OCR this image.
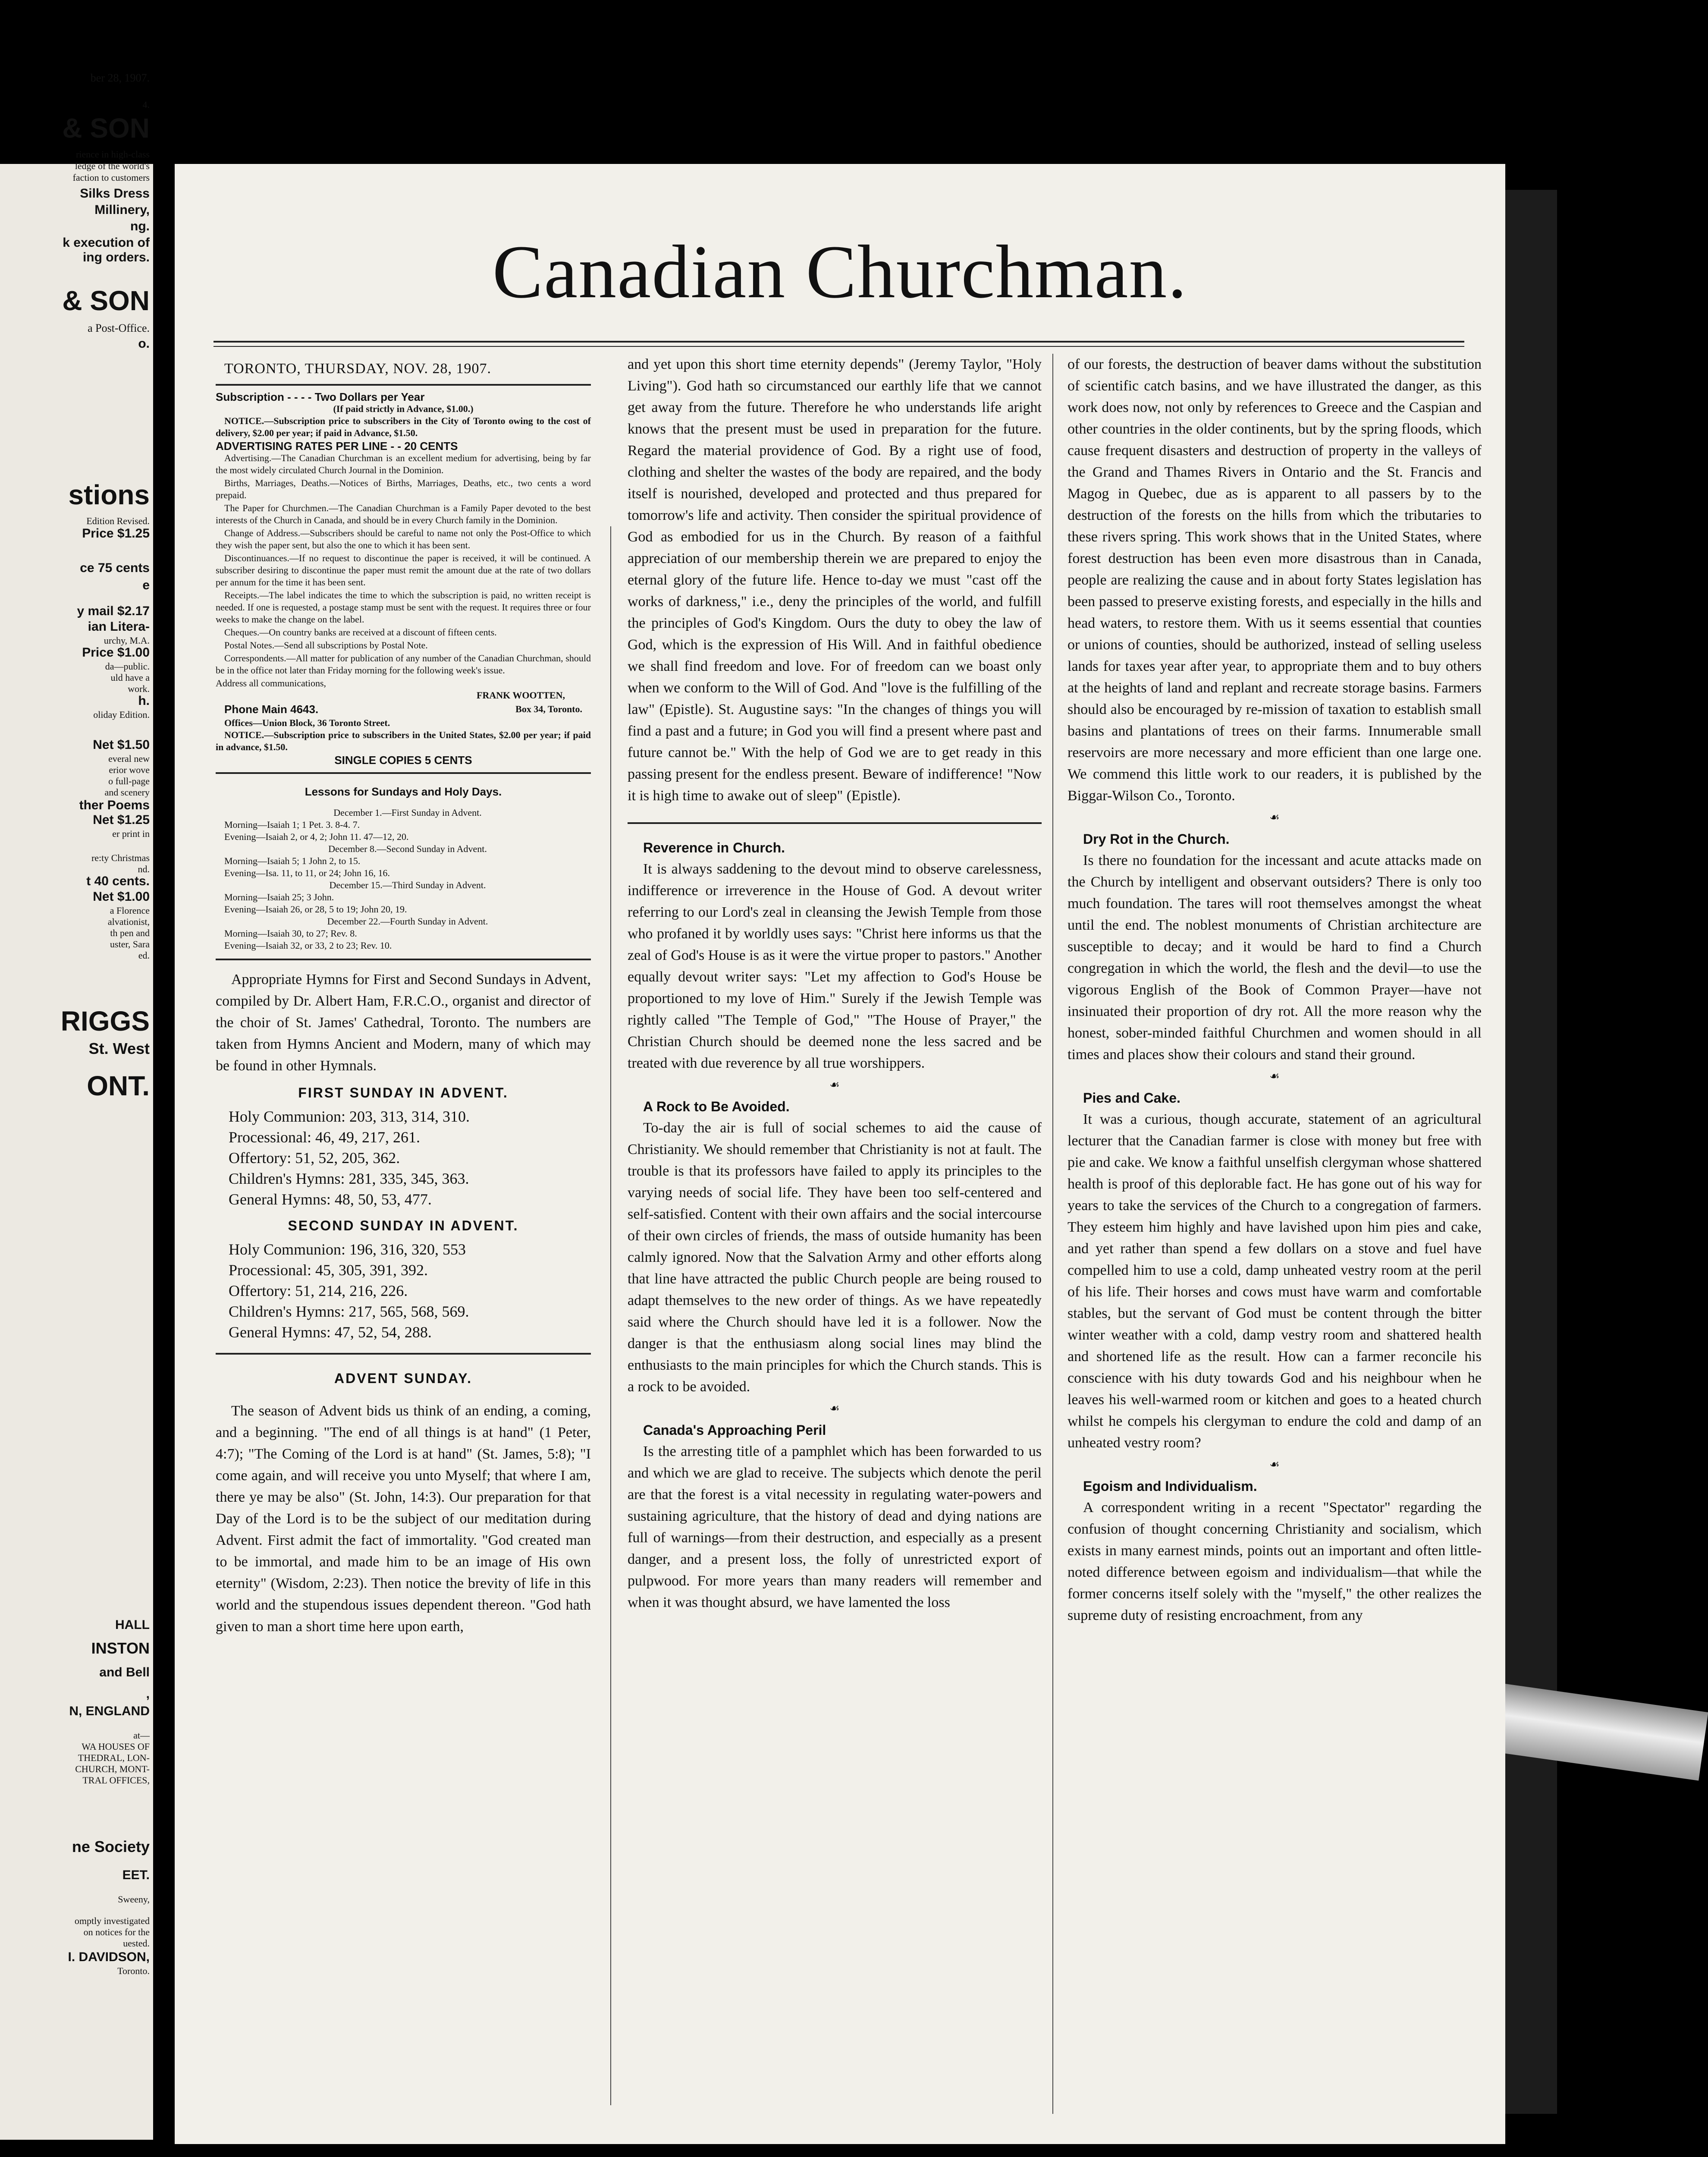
ber 28, 1907.
4.
& SON
rience in high-class
ledge of the world's
faction to customers
Silks Dress
Millinery,
ng.
k execution of
ing orders.
& SON
a Post-Office.
o.
stions
Edition Revised.
Price $1.25
ce 75 cents
e
y mail $2.17
ian Litera-
urchy, M.A.
Price $1.00
da—public.
uld have a
work.
h.
oliday Edition.
Net $1.50
everal new
erior wove
o full-page
and scenery
ther Poems
Net $1.25
er print in
re:ty Christmas
nd.
t 40 cents.
Net $1.00
a Florence
alvationist,
th pen and
uster, Sara
ed.
RIGGS
St. West
ONT.
HALL
INSTON
and Bell
,
N, ENGLAND
at—
WA HOUSES OF
THEDRAL, LON-
CHURCH, MONT-
TRAL OFFICES,
ne Society
EET.
Sweeny,
omptly investigated
on notices for the
uested.
I. DAVIDSON,
Toronto.
Canadian Churchman.
TORONTO, THURSDAY, NOV. 28, 1907.
Subscription - - - - Two Dollars per Year
(If paid strictly in Advance, $1.00.)

NOTICE.—Subscription price to subscribers in the City of Toronto owing to the cost of delivery, $2.00 per year; if paid in Advance, $1.50.

ADVERTISING RATES PER LINE - - 20 CENTS

Advertising.—The Canadian Churchman is an excellent medium for advertising, being by far the most widely circulated Church Journal in the Dominion.

Births, Marriages, Deaths.—Notices of Births, Marriages, Deaths, etc., two cents a word prepaid.

The Paper for Churchmen.—The Canadian Churchman is a Family Paper devoted to the best interests of the Church in Canada, and should be in every Church family in the Dominion.

Change of Address.—Subscribers should be careful to name not only the Post-Office to which they wish the paper sent, but also the one to which it has been sent.

Discontinuances.—If no request to discontinue the paper is received, it will be continued. A subscriber desiring to discontinue the paper must remit the amount due at the rate of two dollars per annum for the time it has been sent.

Receipts.—The label indicates the time to which the subscription is paid, no written receipt is needed. If one is requested, a postage stamp must be sent with the request. It requires three or four weeks to make the change on the label.

Cheques.—On country banks are received at a discount of fifteen cents.

Postal Notes.—Send all subscriptions by Postal Note.

Correspondents.—All matter for publication of any number of the Canadian Churchman, should be in the office not later than Friday morning for the following week's issue.

Address all communications,
FRANK WOOTTEN,
Phone Main 4643.	Box 34, Toronto.
Offices—Union Block, 36 Toronto Street.

NOTICE.—Subscription price to subscribers in the United States, $2.00 per year; if paid in advance, $1.50.

SINGLE COPIES 5 CENTS
Lessons for Sundays and Holy Days.
December 1.—First Sunday in Advent.
Morning—Isaiah 1; 1 Pet. 3. 8-4. 7.
Evening—Isaiah 2, or 4, 2; John 11. 47—12, 20.
December 8.—Second Sunday in Advent.
Morning—Isaiah 5; 1 John 2, to 15.
Evening—Isa. 11, to 11, or 24; John 16, 16.
December 15.—Third Sunday in Advent.
Morning—Isaiah 25; 3 John.
Evening—Isaiah 26, or 28, 5 to 19; John 20, 19.
December 22.—Fourth Sunday in Advent.
Morning—Isaiah 30, to 27; Rev. 8.
Evening—Isaiah 32, or 33, 2 to 23; Rev. 10.

Appropriate Hymns for First and Second Sundays in Advent, compiled by Dr. Albert Ham, F.R.C.O., organist and director of the choir of St. James' Cathedral, Toronto. The numbers are taken from Hymns Ancient and Modern, many of which may be found in other Hymnals.

FIRST SUNDAY IN ADVENT.
Holy Communion: 203, 313, 314, 310.
Processional: 46, 49, 217, 261.
Offertory: 51, 52, 205, 362.
Children's Hymns: 281, 335, 345, 363.
General Hymns: 48, 50, 53, 477.
SECOND SUNDAY IN ADVENT.
Holy Communion: 196, 316, 320, 553
Processional: 45, 305, 391, 392.
Offertory: 51, 214, 216, 226.
Children's Hymns: 217, 565, 568, 569.
General Hymns: 47, 52, 54, 288.
ADVENT SUNDAY.

The season of Advent bids us think of an ending, a coming, and a beginning. "The end of all things is at hand" (1 Peter, 4:7); "The Coming of the Lord is at hand" (St. James, 5:8); "I come again, and will receive you unto Myself; that where I am, there ye may be also" (St. John, 14:3). Our preparation for that Day of the Lord is to be the subject of our meditation during Advent. First admit the fact of immortality. "God created man to be immortal, and made him to be an image of His own eternity" (Wisdom, 2:23). Then notice the brevity of life in this world and the stupendous issues dependent thereon. "God hath given to man a short time here upon earth,

and yet upon this short time eternity depends" (Jeremy Taylor, "Holy Living"). God hath so circumstanced our earthly life that we cannot get away from the future. Therefore he who understands life aright knows that the present must be used in preparation for the future. Regard the material providence of God. By a right use of food, clothing and shelter the wastes of the body are repaired, and the body itself is nourished, developed and protected and thus prepared for tomorrow's life and activity. Then consider the spiritual providence of God as embodied for us in the Church. By reason of a faithful appreciation of our membership therein we are prepared to enjoy the eternal glory of the future life. Hence to-day we must "cast off the works of darkness," i.e., deny the principles of the world, and fulfill the principles of God's Kingdom. Ours the duty to obey the law of God, which is the expression of His Will. And in faithful obedience we shall find freedom and love. For of freedom can we boast only when we conform to the Will of God. And "love is the fulfilling of the law" (Epistle). St. Augustine says: "In the changes of things you will find a past and a future; in God you will find a present where past and future cannot be." With the help of God we are to get ready in this passing present for the endless present. Beware of indifference! "Now it is high time to awake out of sleep" (Epistle).

Reverence in Church.

It is always saddening to the devout mind to observe carelessness, indifference or irreverence in the House of God. A devout writer referring to our Lord's zeal in cleansing the Jewish Temple from those who profaned it by worldly uses says: "Christ here informs us that the zeal of God's House is as it were the virtue proper to pastors." Another equally devout writer says: "Let my affection to God's House be proportioned to my love of Him." Surely if the Jewish Temple was rightly called "The Temple of God," "The House of Prayer," the Christian Church should be deemed none the less sacred and be treated with due reverence by all true worshippers.

☙

A Rock to Be Avoided.

To-day the air is full of social schemes to aid the cause of Christianity. We should remember that Christianity is not at fault. The trouble is that its professors have failed to apply its principles to the varying needs of social life. They have been too self-centered and self-satisfied. Content with their own affairs and the social intercourse of their own circles of friends, the mass of outside humanity has been calmly ignored. Now that the Salvation Army and other efforts along that line have attracted the public Church people are being roused to adapt themselves to the new order of things. As we have repeatedly said where the Church should have led it is a follower. Now the danger is that the enthusiasm along social lines may blind the enthusiasts to the main principles for which the Church stands. This is a rock to be avoided.

☙

Canada's Approaching Peril

Is the arresting title of a pamphlet which has been forwarded to us and which we are glad to receive. The subjects which denote the peril are that the forest is a vital necessity in regulating water-powers and sustaining agriculture, that the history of dead and dying nations are full of warnings—from their destruction, and especially as a present danger, and a present loss, the folly of unrestricted export of pulpwood. For more years than many readers will remember and when it was thought absurd, we have lamented the loss

of our forests, the destruction of beaver dams without the substitution of scientific catch basins, and we have illustrated the danger, as this work does now, not only by references to Greece and the Caspian and other countries in the older continents, but by the spring floods, which cause frequent disasters and destruction of property in the valleys of the Grand and Thames Rivers in Ontario and the St. Francis and Magog in Quebec, due as is apparent to all passers by to the destruction of the forests on the hills from which the tributaries to these rivers spring. This work shows that in the United States, where forest destruction has been even more disastrous than in Canada, people are realizing the cause and in about forty States legislation has been passed to preserve existing forests, and especially in the hills and head waters, to restore them. With us it seems essential that counties or unions of counties, should be authorized, instead of selling useless lands for taxes year after year, to appropriate them and to buy others at the heights of land and replant and recreate storage basins. Farmers should also be encouraged by re-mission of taxation to establish small basins and plantations of trees on their farms. Innumerable small reservoirs are more necessary and more efficient than one large one. We commend this little work to our readers, it is published by the Biggar-Wilson Co., Toronto.

☙

Dry Rot in the Church.

Is there no foundation for the incessant and acute attacks made on the Church by intelligent and observant outsiders? There is only too much foundation. The tares will root themselves amongst the wheat until the end. The noblest monuments of Christian architecture are susceptible to decay; and it would be hard to find a Church congregation in which the world, the flesh and the devil—to use the vigorous English of the Book of Common Prayer—have not insinuated their proportion of dry rot. All the more reason why the honest, sober-minded faithful Churchmen and women should in all times and places show their colours and stand their ground.

☙

Pies and Cake.

It was a curious, though accurate, statement of an agricultural lecturer that the Canadian farmer is close with money but free with pie and cake. We know a faithful unselfish clergyman whose shattered health is proof of this deplorable fact. He has gone out of his way for years to take the services of the Church to a congregation of farmers. They esteem him highly and have lavished upon him pies and cake, and yet rather than spend a few dollars on a stove and fuel have compelled him to use a cold, damp unheated vestry room at the peril of his life. Their horses and cows must have warm and comfortable stables, but the servant of God must be content through the bitter winter weather with a cold, damp vestry room and shattered health and shortened life as the result. How can a farmer reconcile his conscience with his duty towards God and his neighbour when he leaves his well-warmed room or kitchen and goes to a heated church whilst he compels his clergyman to endure the cold and damp of an unheated vestry room?

☙

Egoism and Individualism.

A correspondent writing in a recent "Spectator" regarding the confusion of thought concerning Christianity and socialism, which exists in many earnest minds, points out an important and often little-noted difference between egoism and individualism—that while the former concerns itself solely with the "myself," the other realizes the supreme duty of resisting encroachment, from any
